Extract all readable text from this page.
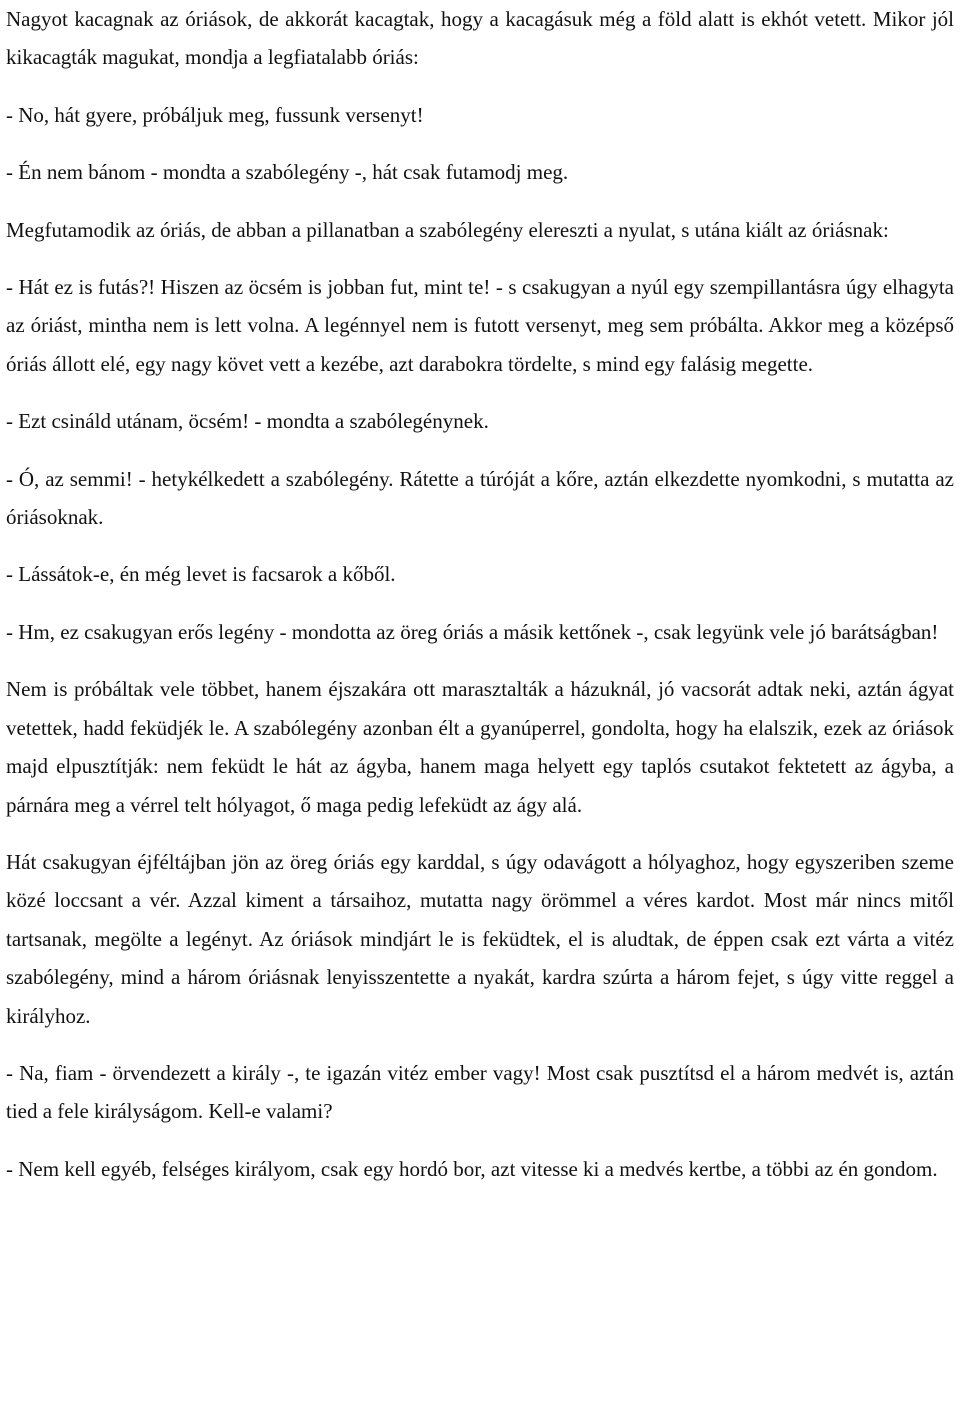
Nagyot kacagnak az óriások, de akkorát kacagtak, hogy a kacagásuk még a föld alatt is ekhót vetett. Mikor jól kikacagták magukat, mondja a legfiatalabb óriás:

- No, hát gyere, próbáljuk meg, fussunk versenyt!

- Én nem bánom - mondta a szabólegény -, hát csak futamodj meg.

Megfutamodik az óriás, de abban a pillanatban a szabólegény elereszti a nyulat, s utána kiált az óriásnak:

- Hát ez is futás?! Hiszen az öcsém is jobban fut, mint te! - s csakugyan a nyúl egy szempillantásra úgy elhagyta az óriást, mintha nem is lett volna. A legénnyel nem is futott versenyt, meg sem próbálta. Akkor meg a középső óriás állott elé, egy nagy követ vett a kezébe, azt darabokra tördelte, s mind egy falásig megette.

- Ezt csináld utánam, öcsém! - mondta a szabólegénynek.

- Ó, az semmi! - hetykélkedett a szabólegény. Rátette a túróját a kőre, aztán elkezdette nyomkodni, s mutatta az óriásoknak.

- Lássátok-e, én még levet is facsarok a kőből.

- Hm, ez csakugyan erős legény - mondotta az öreg óriás a másik kettőnek -, csak legyünk vele jó barátságban!

Nem is próbáltak vele többet, hanem éjszakára ott marasztalták a házuknál, jó vacsorát adtak neki, aztán ágyat vetettek, hadd feküdjék le. A szabólegény azonban élt a gyanúperrel, gondolta, hogy ha elalszik, ezek az óriások majd elpusztítják: nem feküdt le hát az ágyba, hanem maga helyett egy taplós csutakot fektetett az ágyba, a párnára meg a vérrel telt hólyagot, ő maga pedig lefeküdt az ágy alá.

Hát csakugyan éjféltájban jön az öreg óriás egy karddal, s úgy odavágott a hólyaghoz, hogy egyszeriben szeme közé loccsant a vér. Azzal kiment a társaihoz, mutatta nagy örömmel a véres kardot. Most már nincs mitől tartsanak, megölte a legényt. Az óriások mindjárt le is feküdtek, el is aludtak, de éppen csak ezt várta a vitéz szabólegény, mind a három óriásnak lenyisszentette a nyakát, kardra szúrta a három fejet, s úgy vitte reggel a királyhoz.

- Na, fiam - örvendezett a király -, te igazán vitéz ember vagy! Most csak pusztítsd el a három medvét is, aztán tied a fele királyságom. Kell-e valami?

- Nem kell egyéb, felséges királyom, csak egy hordó bor, azt vitesse ki a medvés kertbe, a többi az én gondom.
